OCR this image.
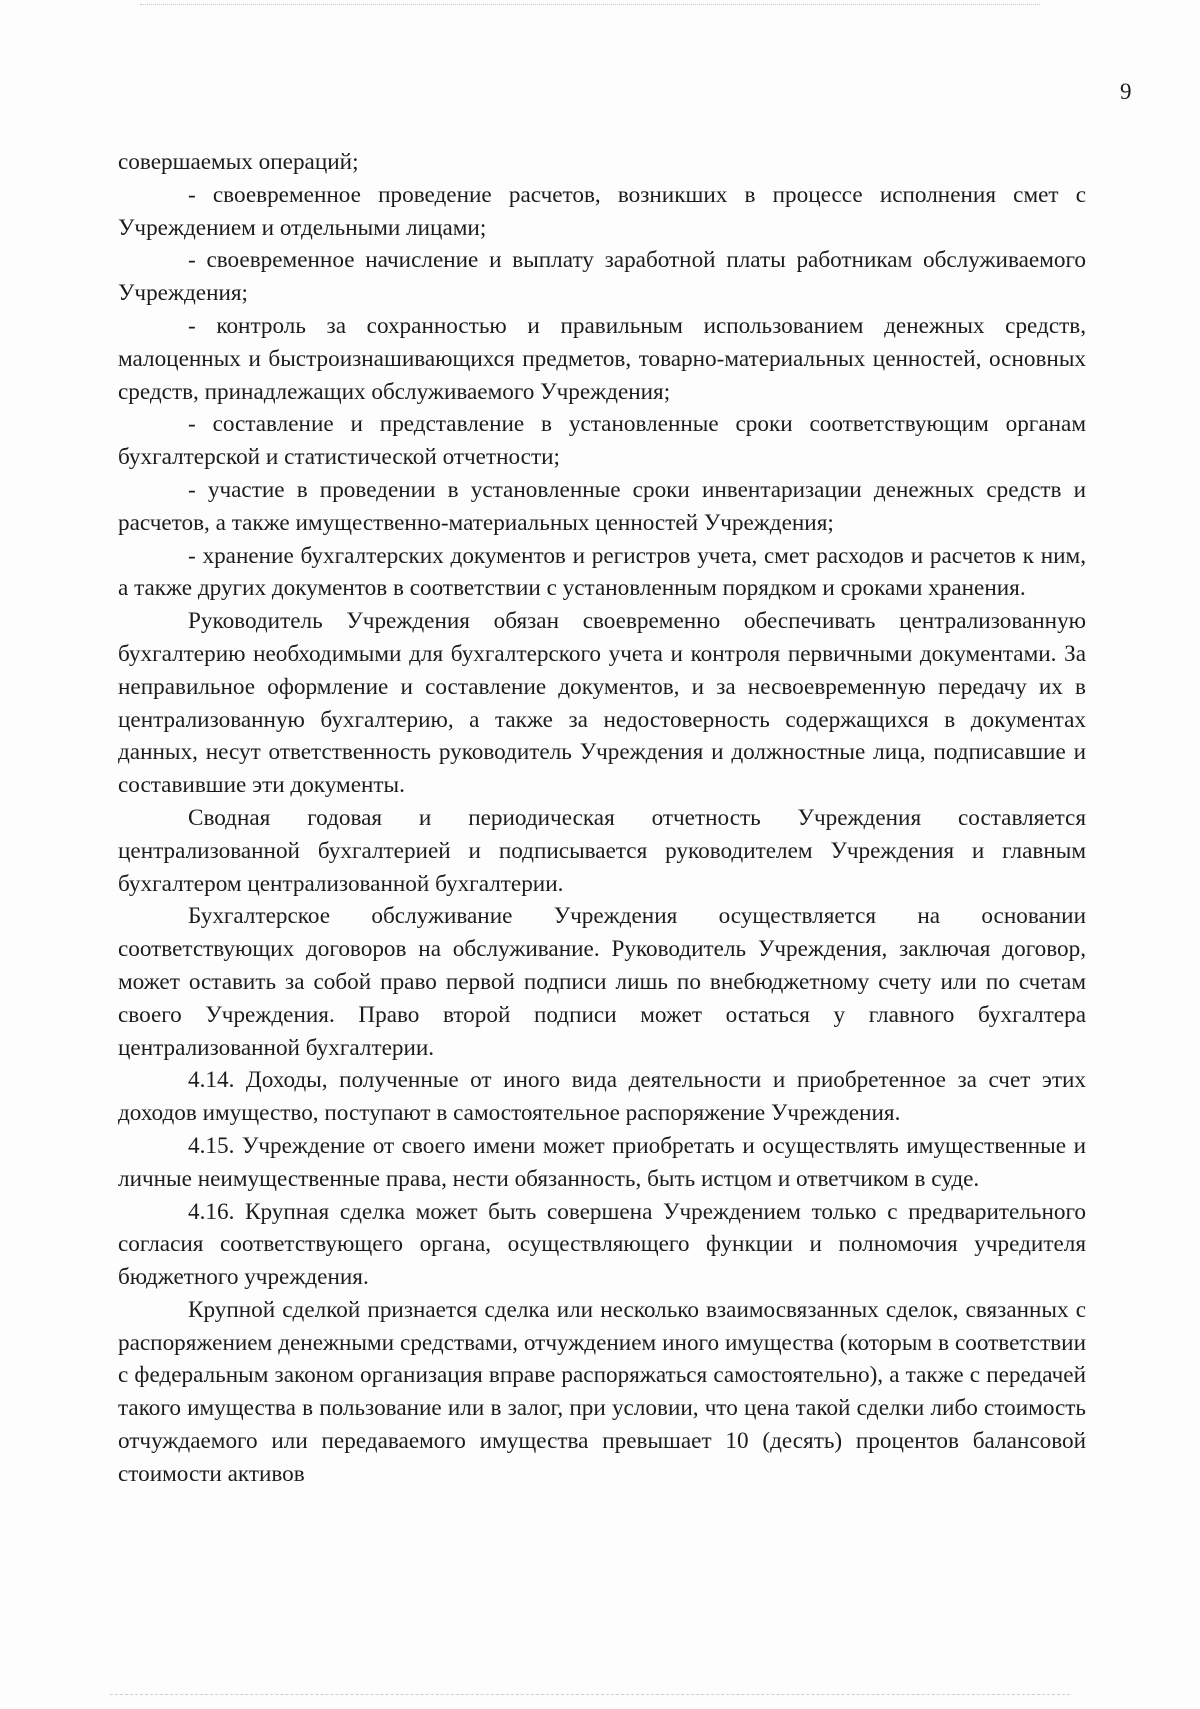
9

совершаемых операций;

- своевременное проведение расчетов, возникших в процессе исполнения смет с Учреждением и отдельными лицами;

- своевременное начисление и выплату заработной платы работникам обслуживаемого Учреждения;

- контроль за сохранностью и правильным использованием денежных средств, малоценных и быстроизнашивающихся предметов, товарно-материальных ценностей, основных средств, принадлежащих обслуживаемого Учреждения;

- составление и представление в установленные сроки соответствующим органам бухгалтерской и статистической отчетности;

- участие в проведении в установленные сроки инвентаризации денежных средств и расчетов, а также имущественно-материальных ценностей Учреждения;

- хранение бухгалтерских документов и регистров учета, смет расходов и расчетов к ним, а также других документов в соответствии с установленным порядком и сроками хранения.

Руководитель Учреждения обязан своевременно обеспечивать централизованную бухгалтерию необходимыми для бухгалтерского учета и контроля первичными документами. За неправильное оформление и составление документов, и за несвоевременную передачу их в централизованную бухгалтерию, а также за недостоверность содержащихся в документах данных, несут ответственность руководитель Учреждения и должностные лица, подписавшие и составившие эти документы.

Сводная годовая и периодическая отчетность Учреждения составляется централизованной бухгалтерией и подписывается руководителем Учреждения и главным бухгалтером централизованной бухгалтерии.

Бухгалтерское обслуживание Учреждения осуществляется на основании соответствующих договоров на обслуживание. Руководитель Учреждения, заключая договор, может оставить за собой право первой подписи лишь по внебюджетному счету или по счетам своего Учреждения. Право второй подписи может остаться у главного бухгалтера централизованной бухгалтерии.

4.14. Доходы, полученные от иного вида деятельности и приобретенное за счет этих доходов имущество, поступают в самостоятельное распоряжение Учреждения.

4.15. Учреждение от своего имени может приобретать и осуществлять имущественные и личные неимущественные права, нести обязанность, быть истцом и ответчиком в суде.

4.16. Крупная сделка может быть совершена Учреждением только с предварительного согласия соответствующего органа, осуществляющего функции и полномочия учредителя бюджетного учреждения.

Крупной сделкой признается сделка или несколько взаимосвязанных сделок, связанных с распоряжением денежными средствами, отчуждением иного имущества (которым в соответствии с федеральным законом организация вправе распоряжаться самостоятельно), а также с передачей такого имущества в пользование или в залог, при условии, что цена такой сделки либо стоимость отчуждаемого или передаваемого имущества превышает 10 (десять) процентов балансовой стоимости активов
